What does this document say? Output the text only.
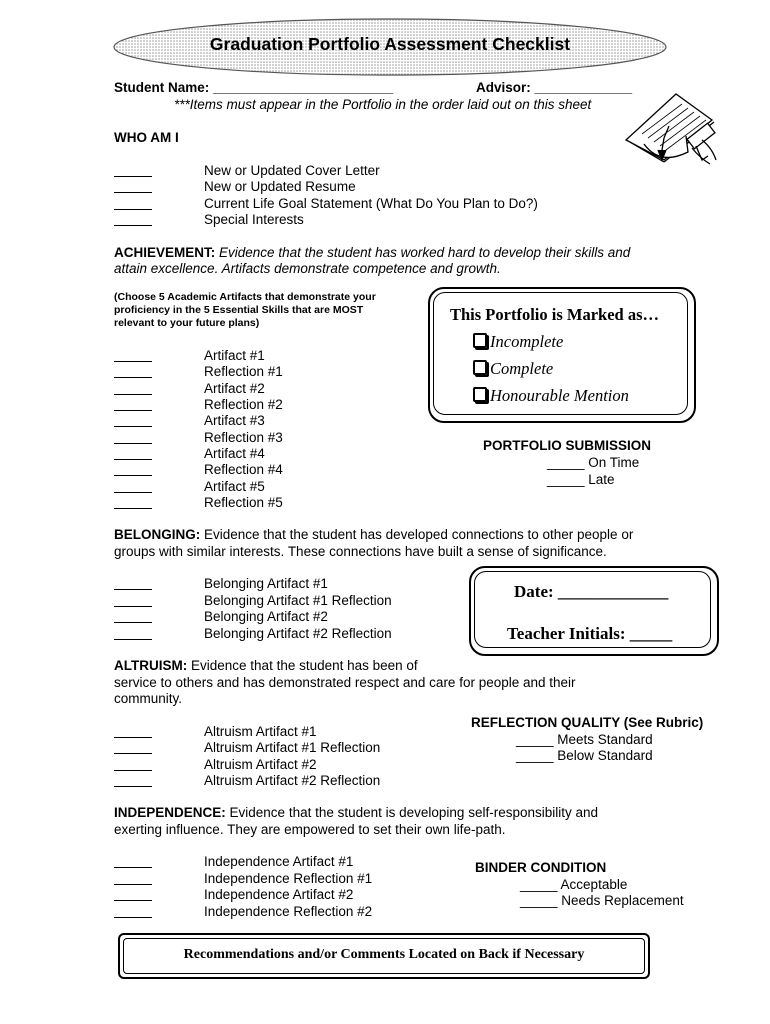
Graduation Portfolio Assessment Checklist
Student Name: ________________________	Advisor: _____________
***Items must appear in the Portfolio in the order laid out on this sheet
WHO AM I
New or Updated Cover Letter
New or Updated Resume
Current Life Goal Statement (What Do You Plan to Do?)
Special Interests
ACHIEVEMENT: Evidence that the student has worked hard to develop their skills and
attain excellence. Artifacts demonstrate competence and growth.
(Choose 5 Academic Artifacts that demonstrate your
proficiency in the 5 Essential Skills that are MOST
relevant to your future plans)
Artifact #1
Reflection #1
Artifact #2
Reflection #2
Artifact #3
Reflection #3
Artifact #4
Reflection #4
Artifact #5
Reflection #5
This Portfolio is Marked as…
Incomplete
Complete
Honourable Mention
PORTFOLIO SUBMISSION
_____ On Time
_____ Late
BELONGING: Evidence that the student has developed connections to other people or
groups with similar interests. These connections have built a sense of significance.
Belonging Artifact #1
Belonging Artifact #1 Reflection
Belonging Artifact #2
Belonging Artifact #2 Reflection
Date: _____________
Teacher Initials: _____
ALTRUISM: Evidence that the student has been of
service to others and has demonstrated respect and care for people and their
community.
Altruism Artifact #1
Altruism Artifact #1 Reflection
Altruism Artifact #2
Altruism Artifact #2 Reflection
REFLECTION QUALITY (See Rubric)
_____ Meets Standard
_____ Below Standard
INDEPENDENCE: Evidence that the student is developing self-responsibility and
exerting influence. They are empowered to set their own life-path.
Independence Artifact #1
Independence Reflection #1
Independence Artifact #2
Independence Reflection #2
BINDER CONDITION
_____ Acceptable
_____ Needs Replacement
Recommendations and/or Comments Located on Back if Necessary
